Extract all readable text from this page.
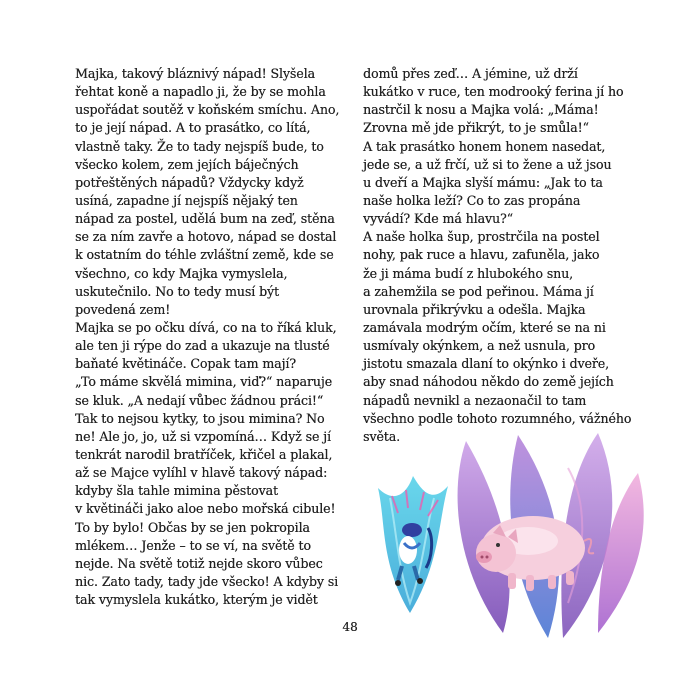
Majka, takový bláznivý nápad! Slyšela
řehtat koně a napadlo ji, že by se mohla
uspořádat soutěž v koňském smíchu. Ano,
to je její nápad. A to prasátko, co lítá,
vlastně taky. Že to tady nejspíš bude, to
všecko kolem, zem jejích báječných
potřeštěných nápadů? Vždycky když
usíná, zapadne jí nejspíš nějaký ten
nápad za postel, udělá bum na zeď, stěna
se za ním zavře a hotovo, nápad se dostal
k ostatním do téhle zvláštní země, kde se
všechno, co kdy Majka vymyslela,
uskutečnilo. No to tedy musí být
povedená zem!
Majka se po očku dívá, co na to říká kluk,
ale ten ji rýpe do zad a ukazuje na tlusté
baňaté květináče. Copak tam mají?
„To máme skvělá mimina, viď?“ naparuje
se kluk. „A nedají vůbec žádnou práci!“
Tak to nejsou kytky, to jsou mimina? No
ne! Ale jo, jo, už si vzpomíná… Když se jí
tenkrát narodil bratříček, křičel a plakal,
až se Majce vylíhl v hlavě takový nápad:
kdyby šla tahle mimina pěstovat
v květináči jako aloe nebo mořská cibule!
To by bylo! Občas by se jen pokropila
mlékem… Jenže – to se ví, na světě to
nejde. Na světě totiž nejde skoro vůbec
nic. Zato tady, tady jde všecko! A kdyby si
tak vymyslela kukátko, kterým je vidět
domů přes zeď… A jémine, už drží
kukátko v ruce, ten modrooký ferina jí ho
nastrčil k nosu a Majka volá: „Máma!
Zrovna mě jde přikrýt, to je smůla!“
A tak prasátko honem honem nasedat,
jede se, a už frčí, už si to žene a už jsou
u dveří a Majka slyší mámu: „Jak to ta
naše holka leží? Co to zas propána
vyvádí? Kde má hlavu?“
A naše holka šup, prostrčila na postel
nohy, pak ruce a hlavu, zafuněla, jako
že ji máma budí z hlubokého snu,
a zahemžila se pod peřinou. Máma jí
urovnala přikrývku a odešla. Majka
zamávala modrým očím, které se na ni
usmívaly okýnkem, a než usnula, pro
jistotu smazala dlaní to okýnko i dveře,
aby snad náhodou někdo do země jejích
nápadů nevnikl a nezaonačil to tam
všechno podle tohoto rozumného, vážného
světa.
48
